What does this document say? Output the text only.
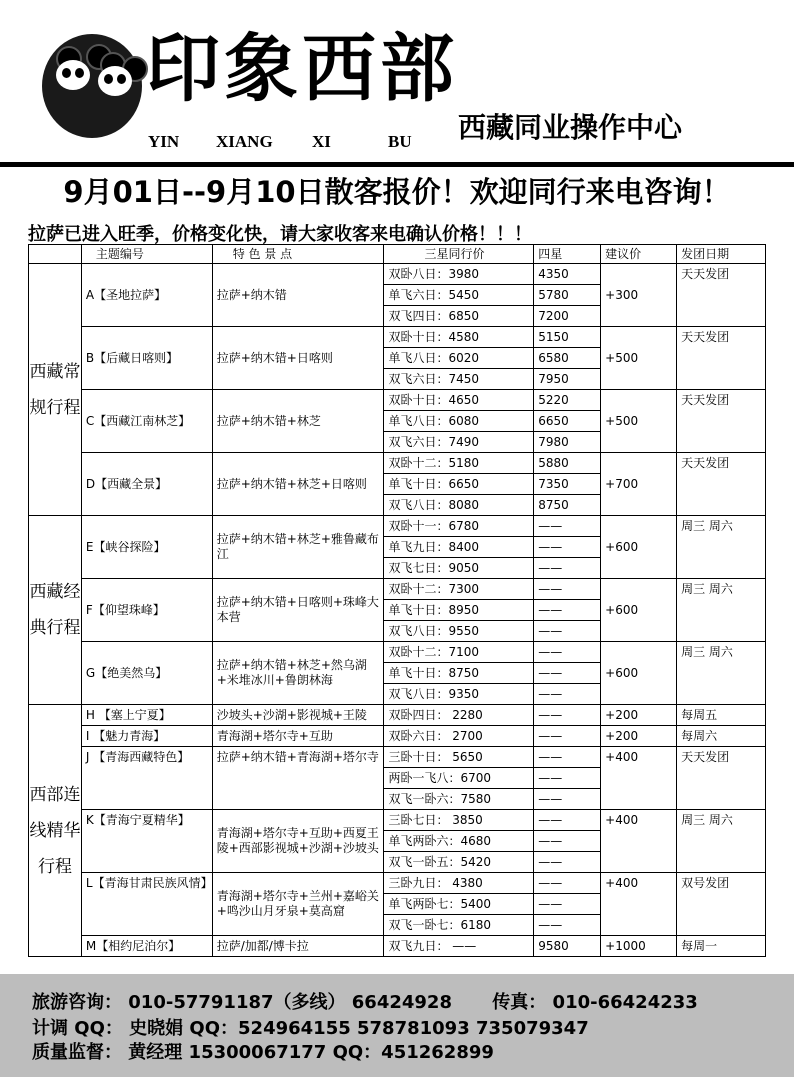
印象西部
YIN XIANG XI	BU 西藏同业操作中心
9月01日--9月10日散客报价！欢迎同行来电咨询！
拉萨已进入旺季，价格变化快，请大家收客来电确认价格！！！
	主题编号	特 色 景 点	三星同行价	四星	建议价	发团日期
西藏常规行程	A【圣地拉萨】	拉萨+纳木错	双卧八日：3980	4350	+300	天天发团
			单飞六日：5450	5780		
			双飞四日：6850	7200		
	B【后藏日喀则】	拉萨+纳木错+日喀则	双卧十日：4580	5150	+500	天天发团
			单飞八日：6020	6580		
			双飞六日：7450	7950		
	C【西藏江南林芝】	拉萨+纳木错+林芝	双卧十日：4650	5220	+500	天天发团
			单飞八日：6080	6650		
			双飞六日：7490	7980		
	D【西藏全景】	拉萨+纳木错+林芝+日喀则	双卧十二：5180	5880	+700	天天发团
			单飞十日：6650	7350		
			双飞八日：8080	8750		
西藏经典行程	E【峡谷探险】	拉萨+纳木错+林芝+雅鲁藏布江	双卧十一：6780	——	+600	周三 周六
			单飞九日：8400	——		
			双飞七日：9050	——		
	F【仰望珠峰】	拉萨+纳木错+日喀则+珠峰大本营	双卧十二：7300	——	+600	周三 周六
			单飞十日：8950	——		
			双飞八日：9550	——		
	G【绝美然乌】	拉萨+纳木错+林芝+然乌湖+米堆冰川+鲁朗林海	双卧十二：7100	——	+600	周三 周六
			单飞十日：8750	——		
			双飞八日：9350	——		
西部连线精华行程	H 【塞上宁夏】	沙坡头+沙湖+影视城+王陵	双卧四日： 2280	——	+200	每周五
	I 【魅力青海】	青海湖+塔尔寺+互助	双卧六日： 2700	——	+200	每周六
	J 【青海西藏特色】	拉萨+纳木错+青海湖+塔尔寺	三卧十日： 5650	——	+400	天天发团
			两卧一飞八：6700	——		
			双飞一卧六：7580	——		
	K【青海宁夏精华】	青海湖+塔尔寺+互助+西夏王陵+西部影视城+沙湖+沙坡头	三卧七日： 3850	——	+400	周三 周六
			单飞两卧六：4680	——		
			双飞一卧五：5420	——		
	L【青海甘肃民族风情】	青海湖+塔尔寺+兰州+嘉峪关+鸣沙山月牙泉+莫高窟	三卧九日： 4380	——	+400	双号发团
			单飞两卧七：5400	——		
			双飞一卧七：6180	——		
	M【相约尼泊尔】	拉萨/加都/博卡拉	双飞九日： ——	9580	+1000	每周一
旅游咨询： 010-57791187（多线） 66424928 传真： 010-66424233
计调 QQ： 史晓娟 QQ：524964155 578781093 735079347
质量监督： 黄经理 15300067177 QQ：451262899
